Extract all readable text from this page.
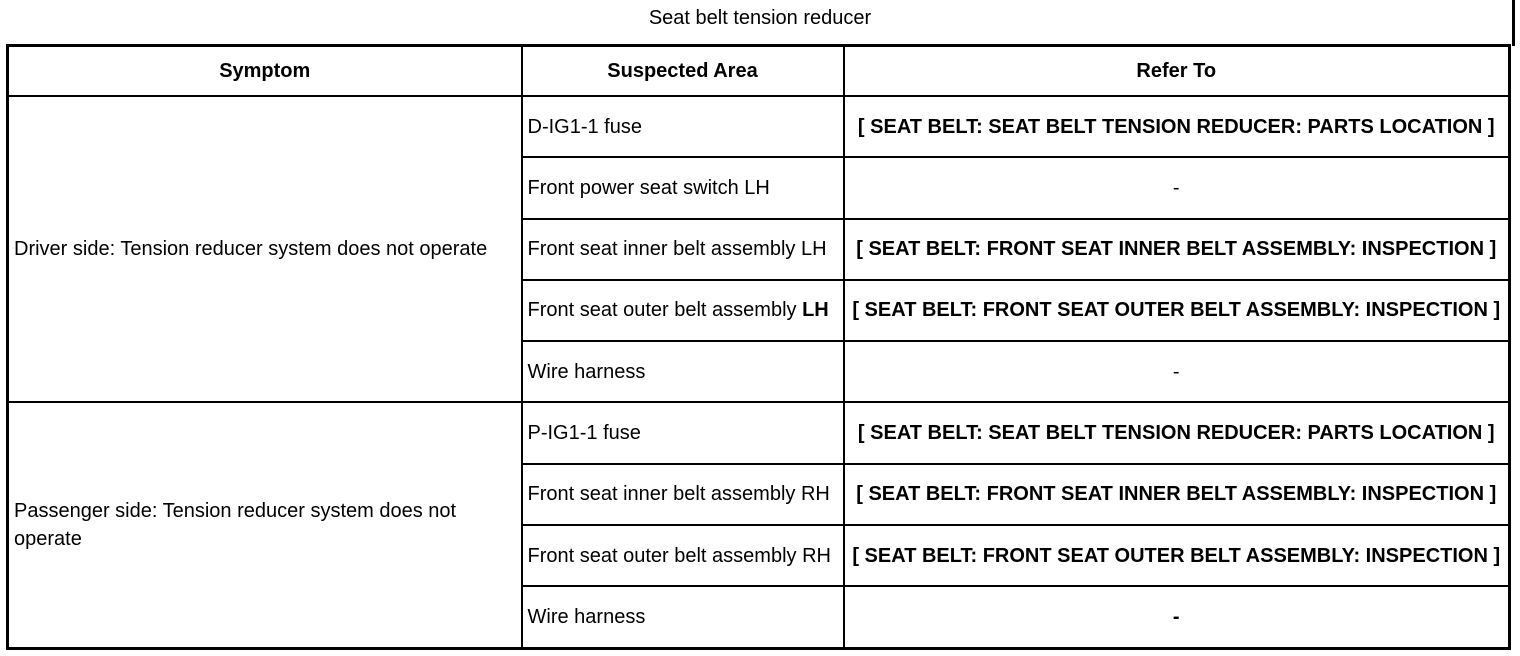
Seat belt tension reducer
Symptom	Suspected Area	Refer To
Driver side: Tension reducer system does not operate	D-IG1-1 fuse	[ SEAT BELT: SEAT BELT TENSION REDUCER: PARTS LOCATION ]
	Front power seat switch LH	-
	Front seat inner belt assembly LH	[ SEAT BELT: FRONT SEAT INNER BELT ASSEMBLY: INSPECTION ]
	Front seat outer belt assembly LH	[ SEAT BELT: FRONT SEAT OUTER BELT ASSEMBLY: INSPECTION ]
	Wire harness	-
Passenger side: Tension reducer system does not operate	P-IG1-1 fuse	[ SEAT BELT: SEAT BELT TENSION REDUCER: PARTS LOCATION ]
	Front seat inner belt assembly RH	[ SEAT BELT: FRONT SEAT INNER BELT ASSEMBLY: INSPECTION ]
	Front seat outer belt assembly RH	[ SEAT BELT: FRONT SEAT OUTER BELT ASSEMBLY: INSPECTION ]
	Wire harness	-
